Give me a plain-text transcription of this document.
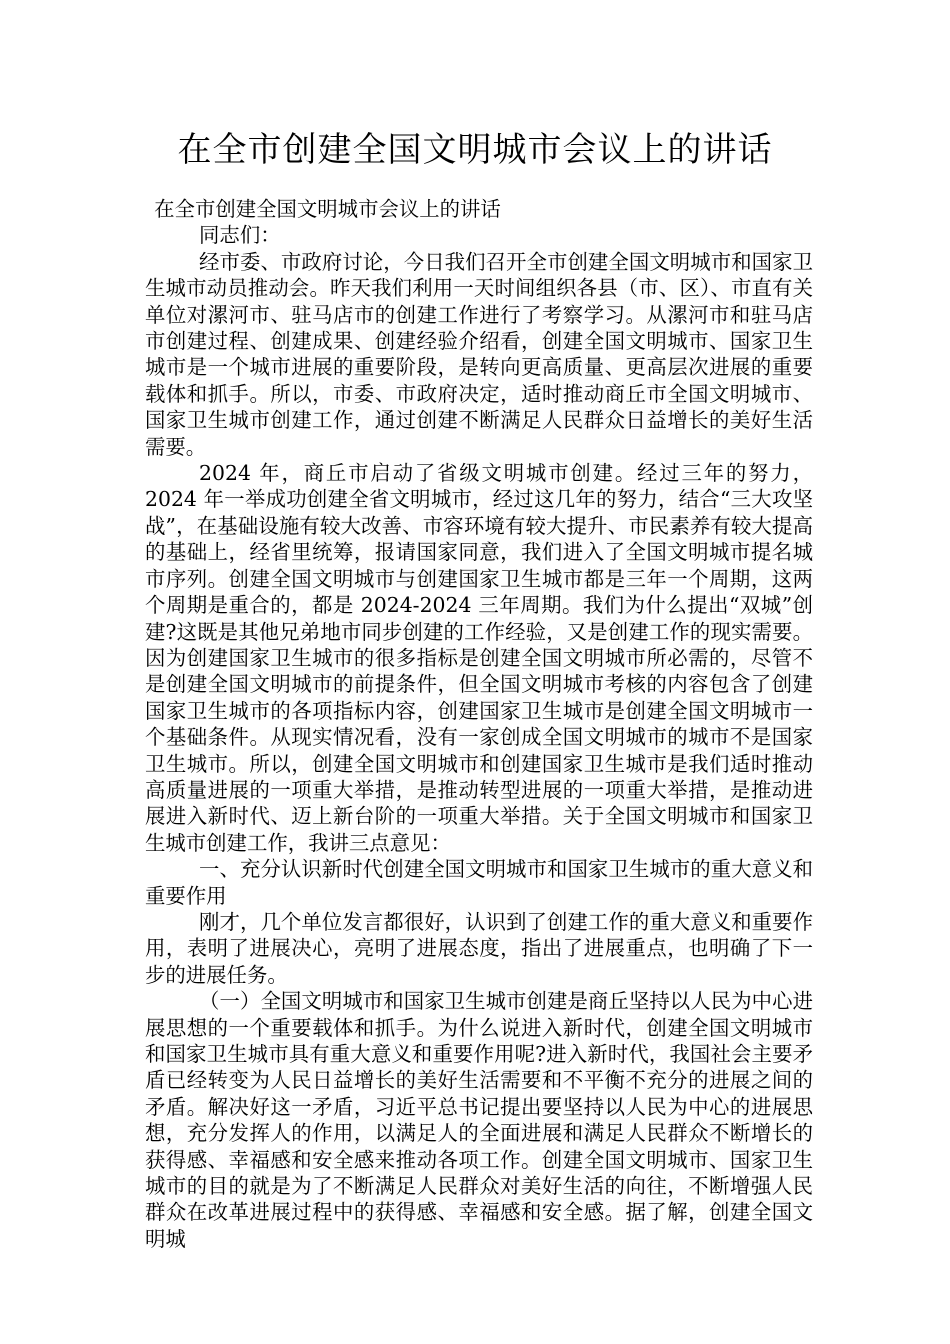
在全市创建全国文明城市会议上的讲话

在全市创建全国文明城市会议上的讲话

同志们：

经市委、市政府讨论，今日我们召开全市创建全国文明城市和国家卫生城市动员推动会。昨天我们利用一天时间组织各县（市、区）、市直有关单位对漯河市、驻马店市的创建工作进行了考察学习。从漯河市和驻马店市创建过程、创建成果、创建经验介绍看，创建全国文明城市、国家卫生城市是一个城市进展的重要阶段，是转向更高质量、更高层次进展的重要载体和抓手。所以，市委、市政府决定，适时推动商丘市全国文明城市、国家卫生城市创建工作，通过创建不断满足人民群众日益增长的美好生活需要。

2024 年，商丘市启动了省级文明城市创建。经过三年的努力，2024 年一举成功创建全省文明城市，经过这几年的努力，结合“三大攻坚战”，在基础设施有较大改善、市容环境有较大提升、市民素养有较大提高的基础上，经省里统筹，报请国家同意，我们进入了全国文明城市提名城市序列。创建全国文明城市与创建国家卫生城市都是三年一个周期，这两个周期是重合的，都是 2024-2024 三年周期。我们为什么提出“双城”创建?这既是其他兄弟地市同步创建的工作经验，又是创建工作的现实需要。因为创建国家卫生城市的很多指标是创建全国文明城市所必需的，尽管不是创建全国文明城市的前提条件，但全国文明城市考核的内容包含了创建国家卫生城市的各项指标内容，创建国家卫生城市是创建全国文明城市一个基础条件。从现实情况看，没有一家创成全国文明城市的城市不是国家卫生城市。所以，创建全国文明城市和创建国家卫生城市是我们适时推动高质量进展的一项重大举措，是推动转型进展的一项重大举措，是推动进展进入新时代、迈上新台阶的一项重大举措。关于全国文明城市和国家卫生城市创建工作，我讲三点意见：

一、充分认识新时代创建全国文明城市和国家卫生城市的重大意义和重要作用

刚才，几个单位发言都很好，认识到了创建工作的重大意义和重要作用，表明了进展决心，亮明了进展态度，指出了进展重点，也明确了下一步的进展任务。

（一）全国文明城市和国家卫生城市创建是商丘坚持以人民为中心进展思想的一个重要载体和抓手。为什么说进入新时代，创建全国文明城市和国家卫生城市具有重大意义和重要作用呢?进入新时代，我国社会主要矛盾已经转变为人民日益增长的美好生活需要和不平衡不充分的进展之间的矛盾。解决好这一矛盾，习近平总书记提出要坚持以人民为中心的进展思想，充分发挥人的作用，以满足人的全面进展和满足人民群众不断增长的获得感、幸福感和安全感来推动各项工作。创建全国文明城市、国家卫生城市的目的就是为了不断满足人民群众对美好生活的向往，不断增强人民群众在改革进展过程中的获得感、幸福感和安全感。据了解，创建全国文明城
